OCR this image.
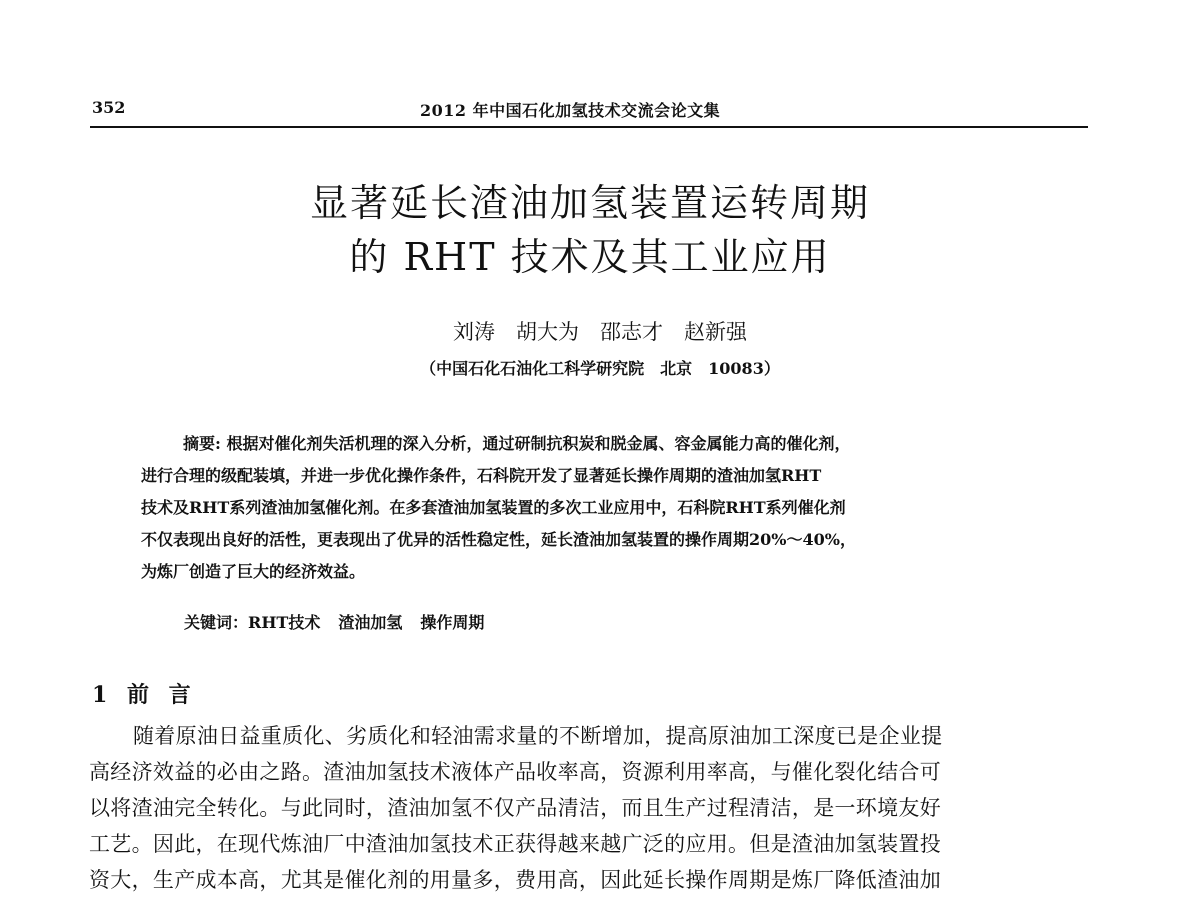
352	2012 年中国石化加氢技术交流会论文集
显著延长渣油加氢装置运转周期
的 RHT 技术及其工业应用
刘涛　胡大为　邵志才　赵新强
（中国石化石油化工科学研究院　北京　10083）
摘要: 根据对催化剂失活机理的深入分析，通过研制抗积炭和脱金属、容金属能力高的催化剂，
进行合理的级配装填，并进一步优化操作条件，石科院开发了显著延长操作周期的渣油加氢RHT
技术及RHT系列渣油加氢催化剂。在多套渣油加氢装置的多次工业应用中，石科院RHT系列催化剂
不仅表现出良好的活性，更表现出了优异的活性稳定性，延长渣油加氢装置的操作周期20%～40%，
为炼厂创造了巨大的经济效益。
关键词：RHT技术 渣油加氢 操作周期
1 前 言
随着原油日益重质化、劣质化和轻油需求量的不断增加，提高原油加工深度已是企业提
高经济效益的必由之路。渣油加氢技术液体产品收率高，资源利用率高，与催化裂化结合可
以将渣油完全转化。与此同时，渣油加氢不仅产品清洁，而且生产过程清洁，是一环境友好
工艺。因此，在现代炼油厂中渣油加氢技术正获得越来越广泛的应用。但是渣油加氢装置投
资大，生产成本高，尤其是催化剂的用量多，费用高，因此延长操作周期是炼厂降低渣油加
